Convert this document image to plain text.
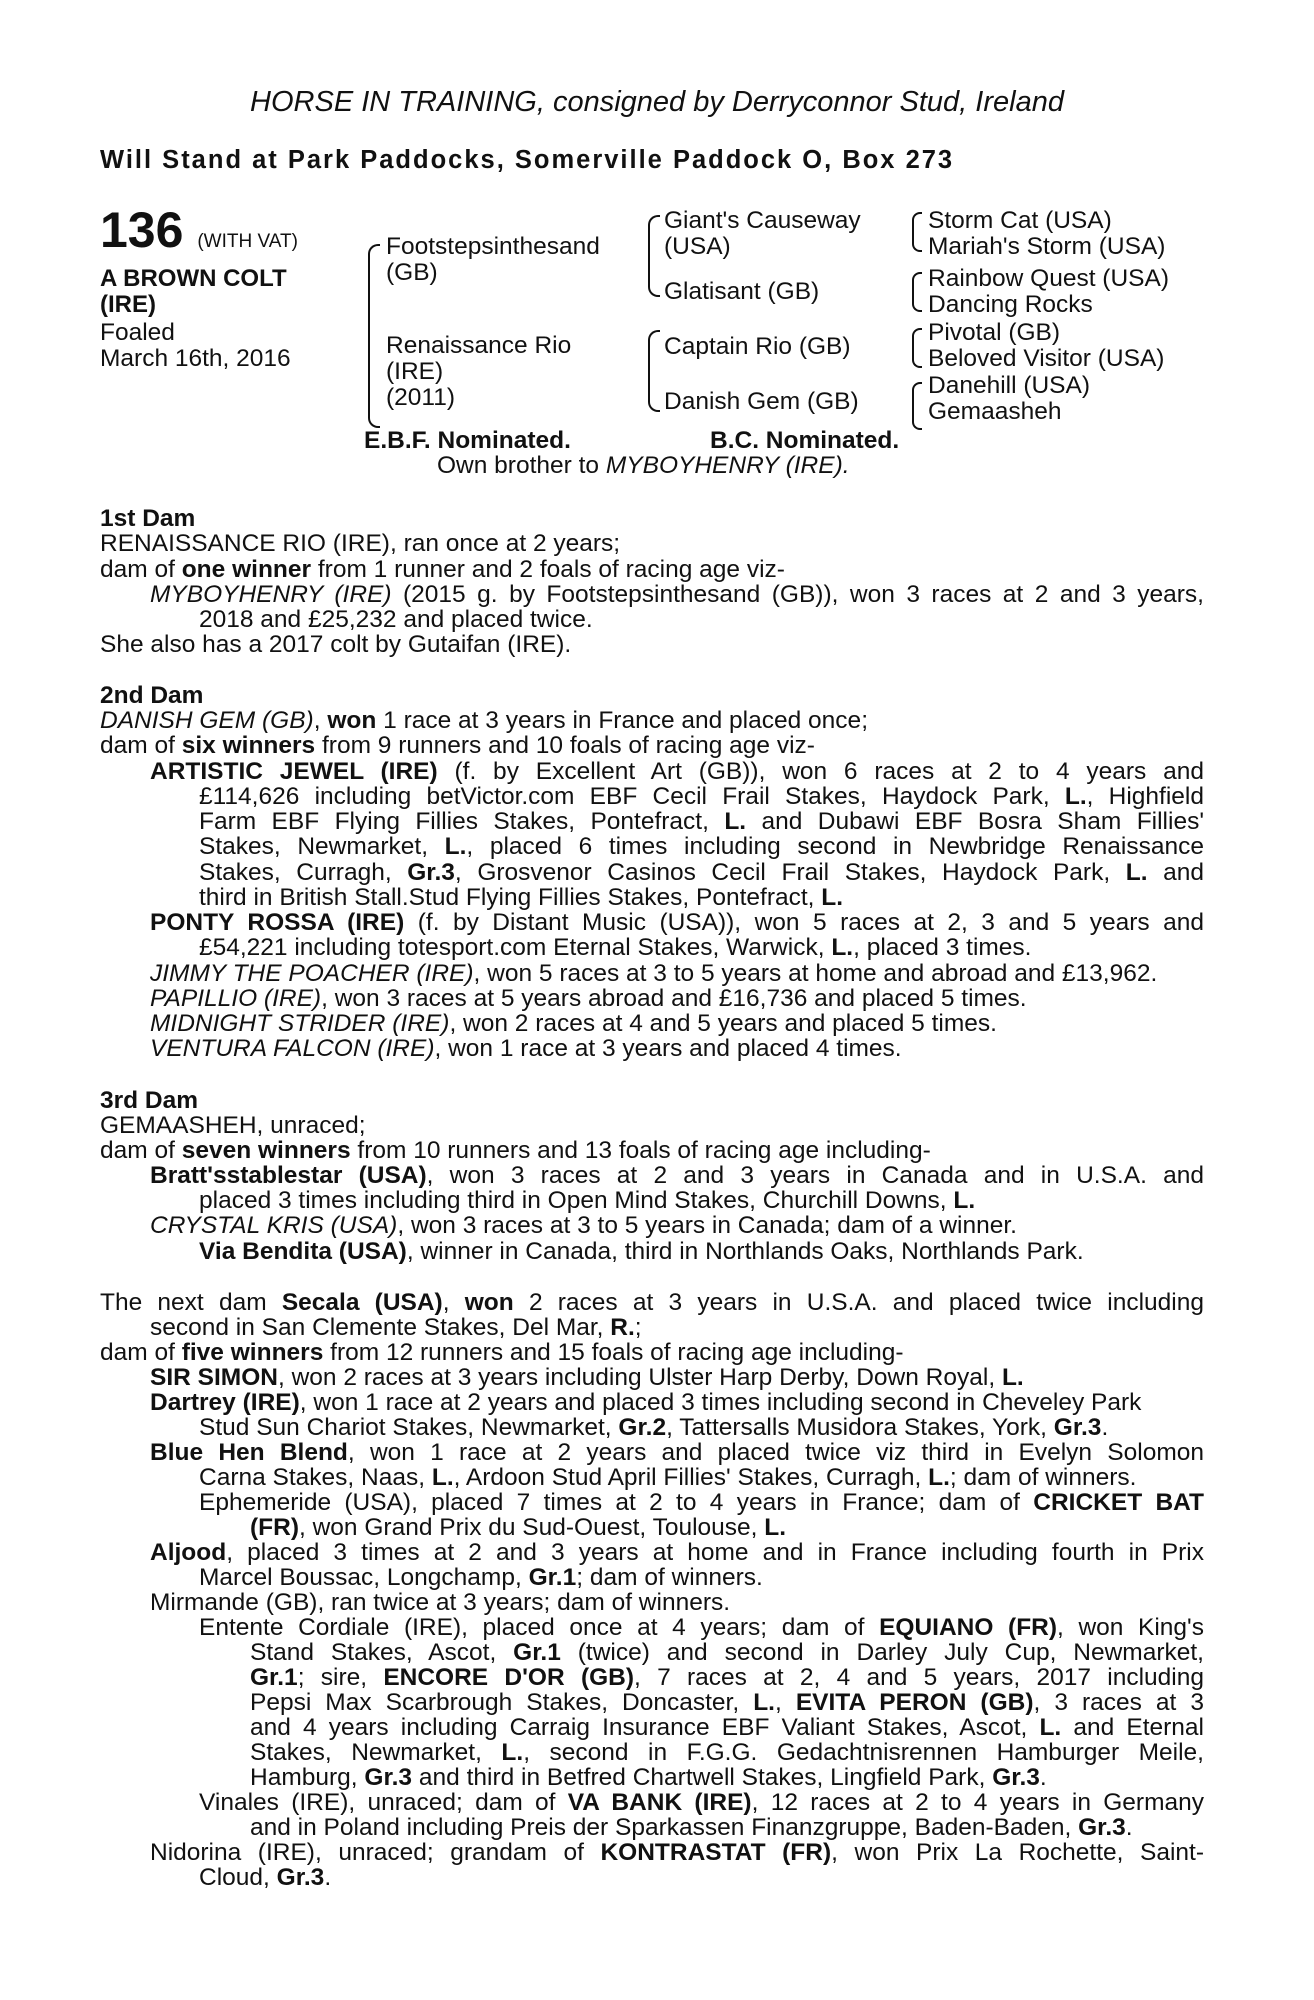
HORSE IN TRAINING, consigned by Derryconnor Stud, Ireland
Will Stand at Park Paddocks, Somerville Paddock O, Box 273
136 (WITH VAT)
A BROWN COLT
(IRE)
Foaled
March 16th, 2016
Footstepsinthesand
(GB)
Renaissance Rio
(IRE)
(2011)
Giant's Causeway
(USA)
Glatisant (GB)
Captain Rio (GB)
Danish Gem (GB)
Storm Cat (USA)
Mariah's Storm (USA)
Rainbow Quest (USA)
Dancing Rocks
Pivotal (GB)
Beloved Visitor (USA)
Danehill (USA)
Gemaasheh
E.B.F. Nominated.	B.C. Nominated.
Own brother to MYBOYHENRY (IRE).
1st Dam
RENAISSANCE RIO (IRE), ran once at 2 years;
dam of one winner from 1 runner and 2 foals of racing age viz-
MYBOYHENRY (IRE) (2015 g. by Footstepsinthesand (GB)), won 3 races at 2 and 3 years,
2018 and £25,232 and placed twice.
She also has a 2017 colt by Gutaifan (IRE).
2nd Dam
DANISH GEM (GB), won 1 race at 3 years in France and placed once;
dam of six winners from 9 runners and 10 foals of racing age viz-
ARTISTIC JEWEL (IRE) (f. by Excellent Art (GB)), won 6 races at 2 to 4 years and
£114,626 including betVictor.com EBF Cecil Frail Stakes, Haydock Park, L., Highfield
Farm EBF Flying Fillies Stakes, Pontefract, L. and Dubawi EBF Bosra Sham Fillies'
Stakes, Newmarket, L., placed 6 times including second in Newbridge Renaissance
Stakes, Curragh, Gr.3, Grosvenor Casinos Cecil Frail Stakes, Haydock Park, L. and
third in British Stall.Stud Flying Fillies Stakes, Pontefract, L.
PONTY ROSSA (IRE) (f. by Distant Music (USA)), won 5 races at 2, 3 and 5 years and
£54,221 including totesport.com Eternal Stakes, Warwick, L., placed 3 times.
JIMMY THE POACHER (IRE), won 5 races at 3 to 5 years at home and abroad and £13,962.
PAPILLIO (IRE), won 3 races at 5 years abroad and £16,736 and placed 5 times.
MIDNIGHT STRIDER (IRE), won 2 races at 4 and 5 years and placed 5 times.
VENTURA FALCON (IRE), won 1 race at 3 years and placed 4 times.
3rd Dam
GEMAASHEH, unraced;
dam of seven winners from 10 runners and 13 foals of racing age including-
Bratt'sstablestar (USA), won 3 races at 2 and 3 years in Canada and in U.S.A. and
placed 3 times including third in Open Mind Stakes, Churchill Downs, L.
CRYSTAL KRIS (USA), won 3 races at 3 to 5 years in Canada; dam of a winner.
Via Bendita (USA), winner in Canada, third in Northlands Oaks, Northlands Park.
The next dam Secala (USA), won 2 races at 3 years in U.S.A. and placed twice including
second in San Clemente Stakes, Del Mar, R.;
dam of five winners from 12 runners and 15 foals of racing age including-
SIR SIMON, won 2 races at 3 years including Ulster Harp Derby, Down Royal, L.
Dartrey (IRE), won 1 race at 2 years and placed 3 times including second in Cheveley Park
Stud Sun Chariot Stakes, Newmarket, Gr.2, Tattersalls Musidora Stakes, York, Gr.3.
Blue Hen Blend, won 1 race at 2 years and placed twice viz third in Evelyn Solomon
Carna Stakes, Naas, L., Ardoon Stud April Fillies' Stakes, Curragh, L.; dam of winners.
Ephemeride (USA), placed 7 times at 2 to 4 years in France; dam of CRICKET BAT
(FR), won Grand Prix du Sud-Ouest, Toulouse, L.
Aljood, placed 3 times at 2 and 3 years at home and in France including fourth in Prix
Marcel Boussac, Longchamp, Gr.1; dam of winners.
Mirmande (GB), ran twice at 3 years; dam of winners.
Entente Cordiale (IRE), placed once at 4 years; dam of EQUIANO (FR), won King's
Stand Stakes, Ascot, Gr.1 (twice) and second in Darley July Cup, Newmarket,
Gr.1; sire, ENCORE D'OR (GB), 7 races at 2, 4 and 5 years, 2017 including
Pepsi Max Scarbrough Stakes, Doncaster, L., EVITA PERON (GB), 3 races at 3
and 4 years including Carraig Insurance EBF Valiant Stakes, Ascot, L. and Eternal
Stakes, Newmarket, L., second in F.G.G. Gedachtnisrennen Hamburger Meile,
Hamburg, Gr.3 and third in Betfred Chartwell Stakes, Lingfield Park, Gr.3.
Vinales (IRE), unraced; dam of VA BANK (IRE), 12 races at 2 to 4 years in Germany
and in Poland including Preis der Sparkassen Finanzgruppe, Baden-Baden, Gr.3.
Nidorina (IRE), unraced; grandam of KONTRASTAT (FR), won Prix La Rochette, Saint-
Cloud, Gr.3.
